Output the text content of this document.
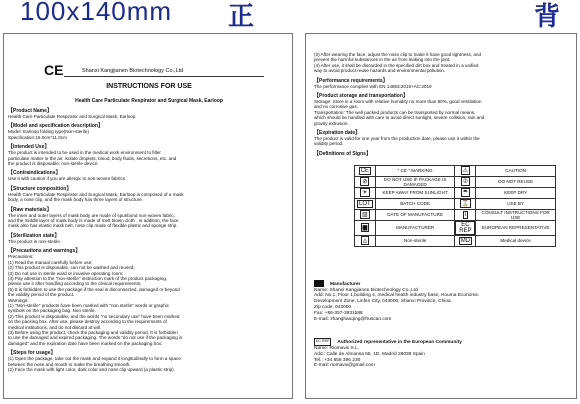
100x140mm 正	背
CE	Shanxi Kangjianen Biotechnology Co.,Ltd
INSTRUCTIONS FOR USE
Health Care Particulate Respirator and Surgical Mask, Earloop
【Product Name】
Health Care Particulate Respirator and Surgical Mask, Earloop
【Model and specification description】
Model: Earloop folding type(Non-sterile)
Specification:16.0cm*11.0cm
【Intended Use】
The product is intended to be used in the medical work environment to filter
particulate matter in the air, isolate droplets, blood, body fluids, secretions, etc. and
the product is disposable, non-sterile device.
【Contraindications】
Use it with caution if you are allergic to non-woven fabrics.
【Structure composition】
Health Care Particulate Respirator and Surgical Mask, Earloop is composed of a mask
body, a nose clip, and the mask body has three layers of structure.
【Raw materials】
The inner and outer layers of mask body are made of spunbond non-woven fabric,
and the middle layer of mask body is made of melt blown cloth . In addition, the face
mask also has elastic mask belt, nose clip made of flexible plastic and sponge strip.
【Sterilization state】
The product is non-sterile.
【Precautions and warnings】
Precautions:
(1) Read the manual carefully before use;
(2) This product is disposable, can not be washed and reused;
(3) Do not use in sterile ward or invasive operating room;
(4) Pay attention to the "non-sterile" instruction mark of the product packaging,
please use it after handling according to the clinical requirements;
(5) It is forbidden to use the package if the seal is disconnected, damaged or beyond
the validity period of the product.
Warnings:
(1) "Non-sterile" products have been marked with "non sterile" words or graphic
symbols on the packaging bag. Non sterile.
(2) This product is disposable, and the words "no secondary use" have been marked
on the packing box. After use, please destroy according to the requirements of
medical institutions, and do not discard at will.
(3) Before using the product, check the packaging and validity period. It is forbidden
to use the damaged and expired packaging. The words "do not use if the packaging is
damaged" and the expiration date have been marked on the packaging box.
【Steps for usage】
(1) Open the package, take out the mask and expand it longitudinally to form a space
between the nose and mouth to make the breathing smooth.
(2) Face the mask with light color, dark color and nose clip upward (a plastic strip).
(3) After wearing the face, adjust the nose clip to make it have good tightness, and
prevent the harmful substances in the air from leaking into the joint.
(4) After use, it shall be discarded in the specified dirt box and treated in a unified
way to avoid product reuse hazards and environmental pollution.
【Performance requirements】
The performance complies with EN 14683:2019+AC:2019
【Product storage and transportation】
Storage: Store in a room with relative humidity no more than 80%, good ventilation
and no corrosive gas.
Transportation: The well packed products can be transported by normal means,
which should be handled with care to avoid direct sunlight, severe collision, rain and
gravity extrusion.
【Expiration date】
The product is valid for one year from the production date, please use it within the
validity period.
【Definitions of Signs】
CE	" CE " MARKING	⚠	CAUTION
⊘	DO NOT USE IF PACKAGE IS DAMAGED	②	DO NOT REUSE
☀	KEEP AWAY FROM SUNLIGHT	☂	KEEP DRY
LOT	BATCH CODE	⌛	USE BY
▥	DATE OF MANUFACTURE	i	CONSULT INSTRUCTIONS FOR USE
▆	MANUFACTURER	EC REP	EUROPEAN REPRESENTATIVE
◬	Non-sterile	MD	Medical device
Manufacturer
Name: Shanxi Kangjianen Biotechnology Co.,Ltd
Add: No.1, Floor 1,building 4, medical health industry base, Houma Economic
Development Zone, Linfen City, 043000, Shanxi Province, China
Zip code: 043000
Fax: +86-357-3931588
E-mail: zhanghaoqing@fruscan.com
EC REP Authorized representative in the European Community
Name: Riomavix S.L.
Add.: Calle de Almansa 55, 1D, Madrid 28039 Spain
Tel.: +34 658 396 230
E-mail: riomavix@gmail.com
